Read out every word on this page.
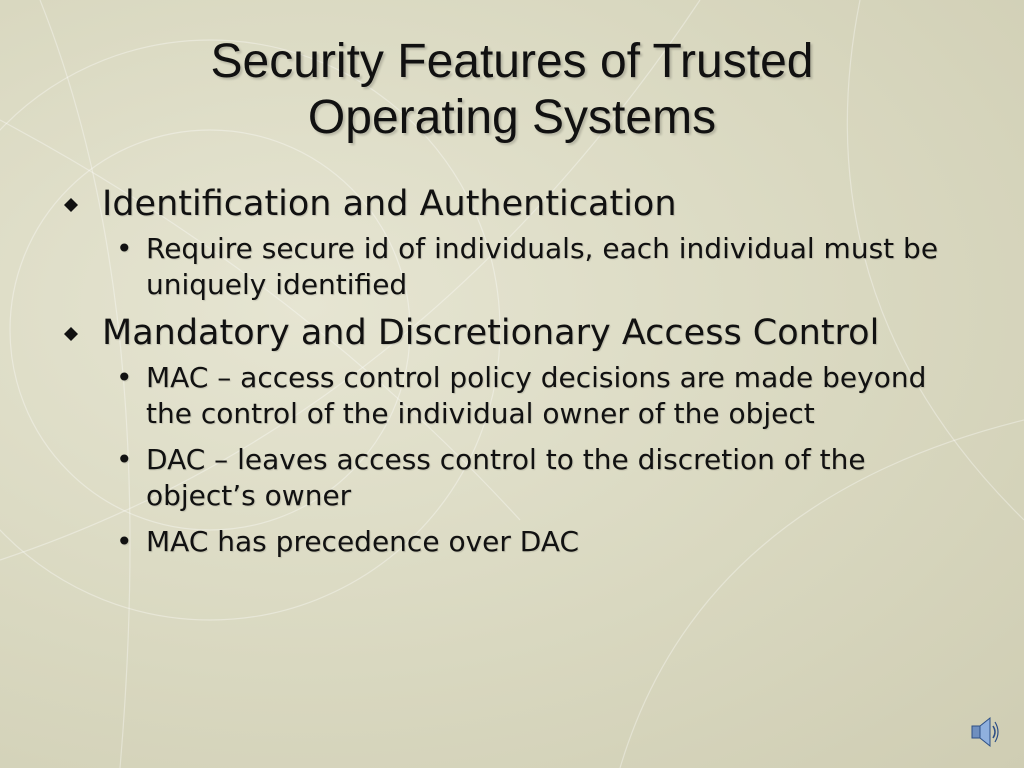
Security Features of Trusted
Operating Systems
Identification and Authentication
• Require secure id of individuals, each individual must be uniquely identified
Mandatory and Discretionary Access Control
• MAC – access control policy decisions are made beyond the control of the individual owner of the object
• DAC – leaves access control to the discretion of the object’s owner
• MAC has precedence over DAC
